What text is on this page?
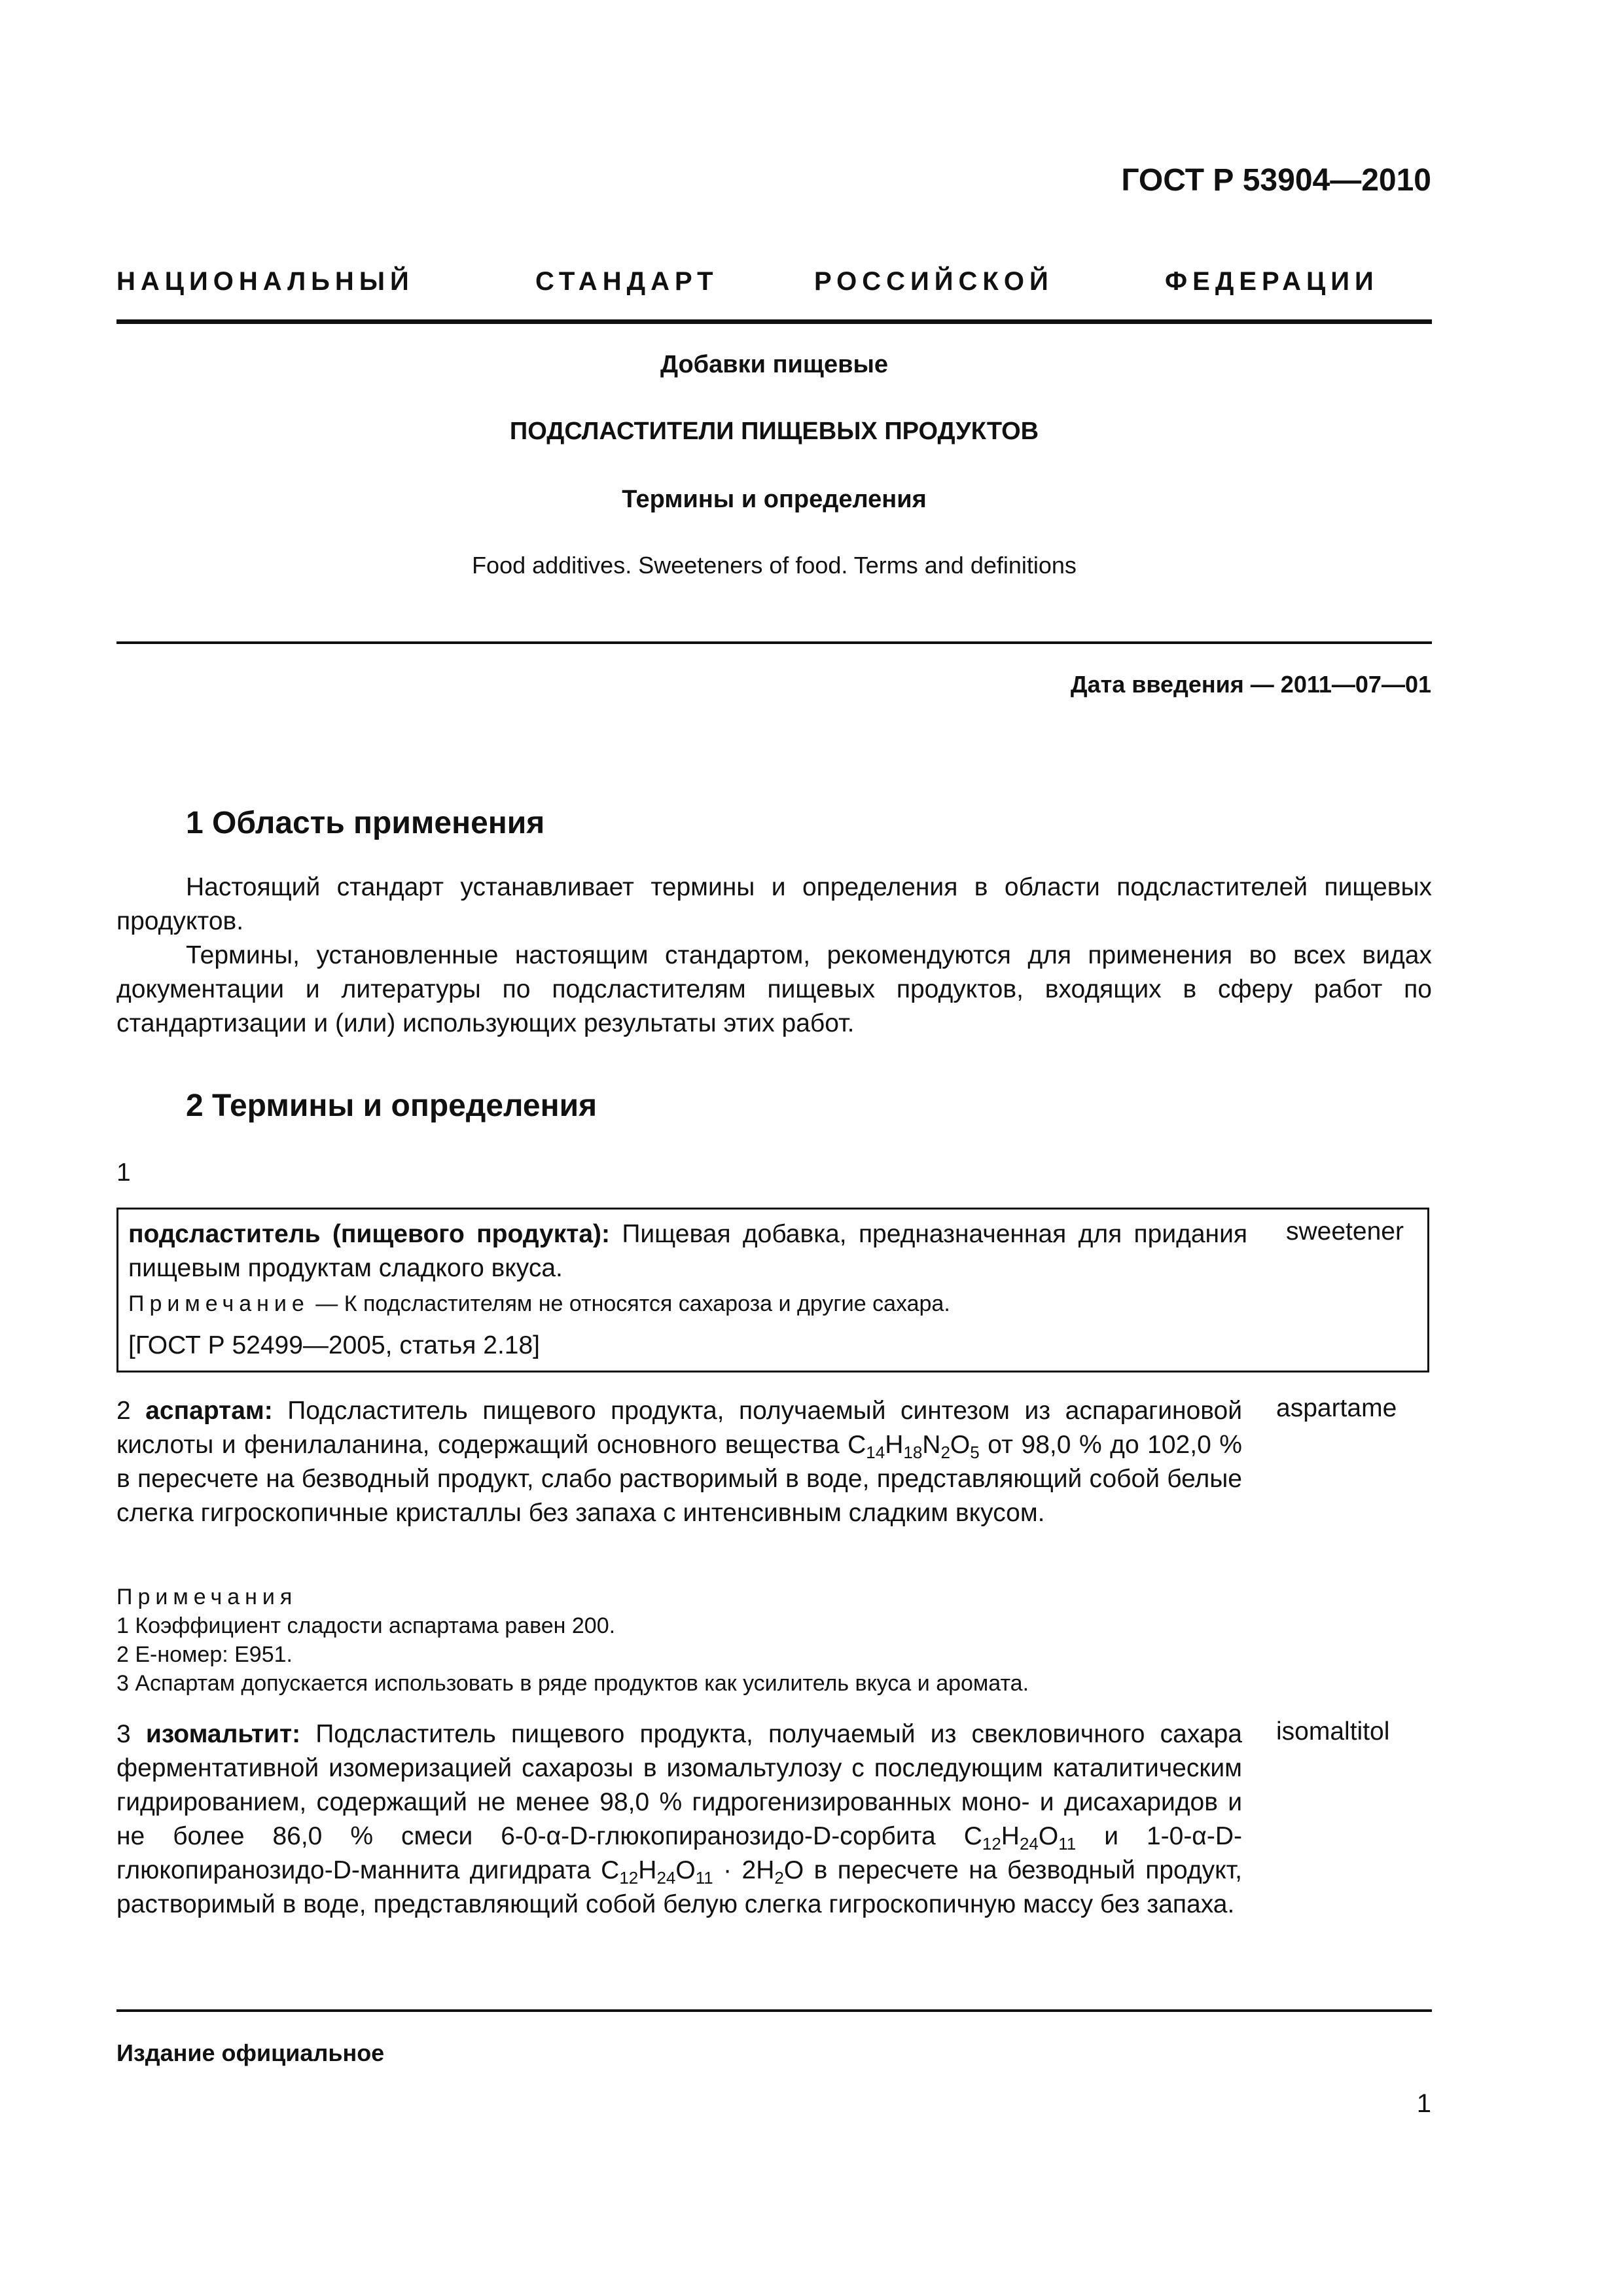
ГОСТ Р 53904—2010
НАЦИОНАЛЬНЫЙ	СТАНДАРТ	РОССИЙСКОЙ	ФЕДЕРАЦИИ
Добавки пищевые
ПОДСЛАСТИТЕЛИ ПИЩЕВЫХ ПРОДУКТОВ
Термины и определения
Food additives. Sweeteners of food. Terms and definitions
Дата введения — 2011—07—01
1 Область применения

Настоящий стандарт устанавливает термины и определения в области подсластителей пищевых продуктов.

Термины, установленные настоящим стандартом, рекомендуются для применения во всех видах документации и литературы по подсластителям пищевых продуктов, входящих в сферу работ по стандартизации и (или) использующих результаты этих работ.

2 Термины и определения
1
подсластитель (пищевого продукта): Пищевая добавка, предназначенная для придания пищевым продуктам сладкого вкуса.
sweetener
Примечание — К подсластителям не относятся сахароза и другие сахара.
[ГОСТ Р 52499—2005, статья 2.18]
2 аспартам: Подсластитель пищевого продукта, получаемый синтезом из аспарагиновой кислоты и фенилаланина, содержащий основного вещества $C_{14}H_{18}N_2O_5$ от 98,0 % до 102,0 % в пересчете на безводный продукт, слабо растворимый в воде, представляющий собой белые слегка гигроскопичные кристаллы без запаха с интенсивным сладким вкусом.
aspartame
Примечания
1 Коэффициент сладости аспартама равен 200.
2 Е-номер: Е951.
3 Аспартам допускается использовать в ряде продуктов как усилитель вкуса и аромата.
3 изомальтит: Подсластитель пищевого продукта, получаемый из свекловичного сахара ферментативной изомеризацией сахарозы в изомальтулозу с последующим каталитическим гидрированием, содержащий не менее 98,0 % гидрогенизированных моно- и дисахаридов и не более 86,0 % смеси 6-0-α-D-глюкопиранозидо-D-сорбита $C_{12}H_{24}O_{11}$ и 1-0-α-D-глюкопиранозидо-D-маннита дигидрата $C_{12}H_{24}O_{11} \cdot 2H_2O$ в пересчете на безводный продукт, растворимый в воде, представляющий собой белую слегка гигроскопичную массу без запаха.
isomaltitol
Издание официальное
1
